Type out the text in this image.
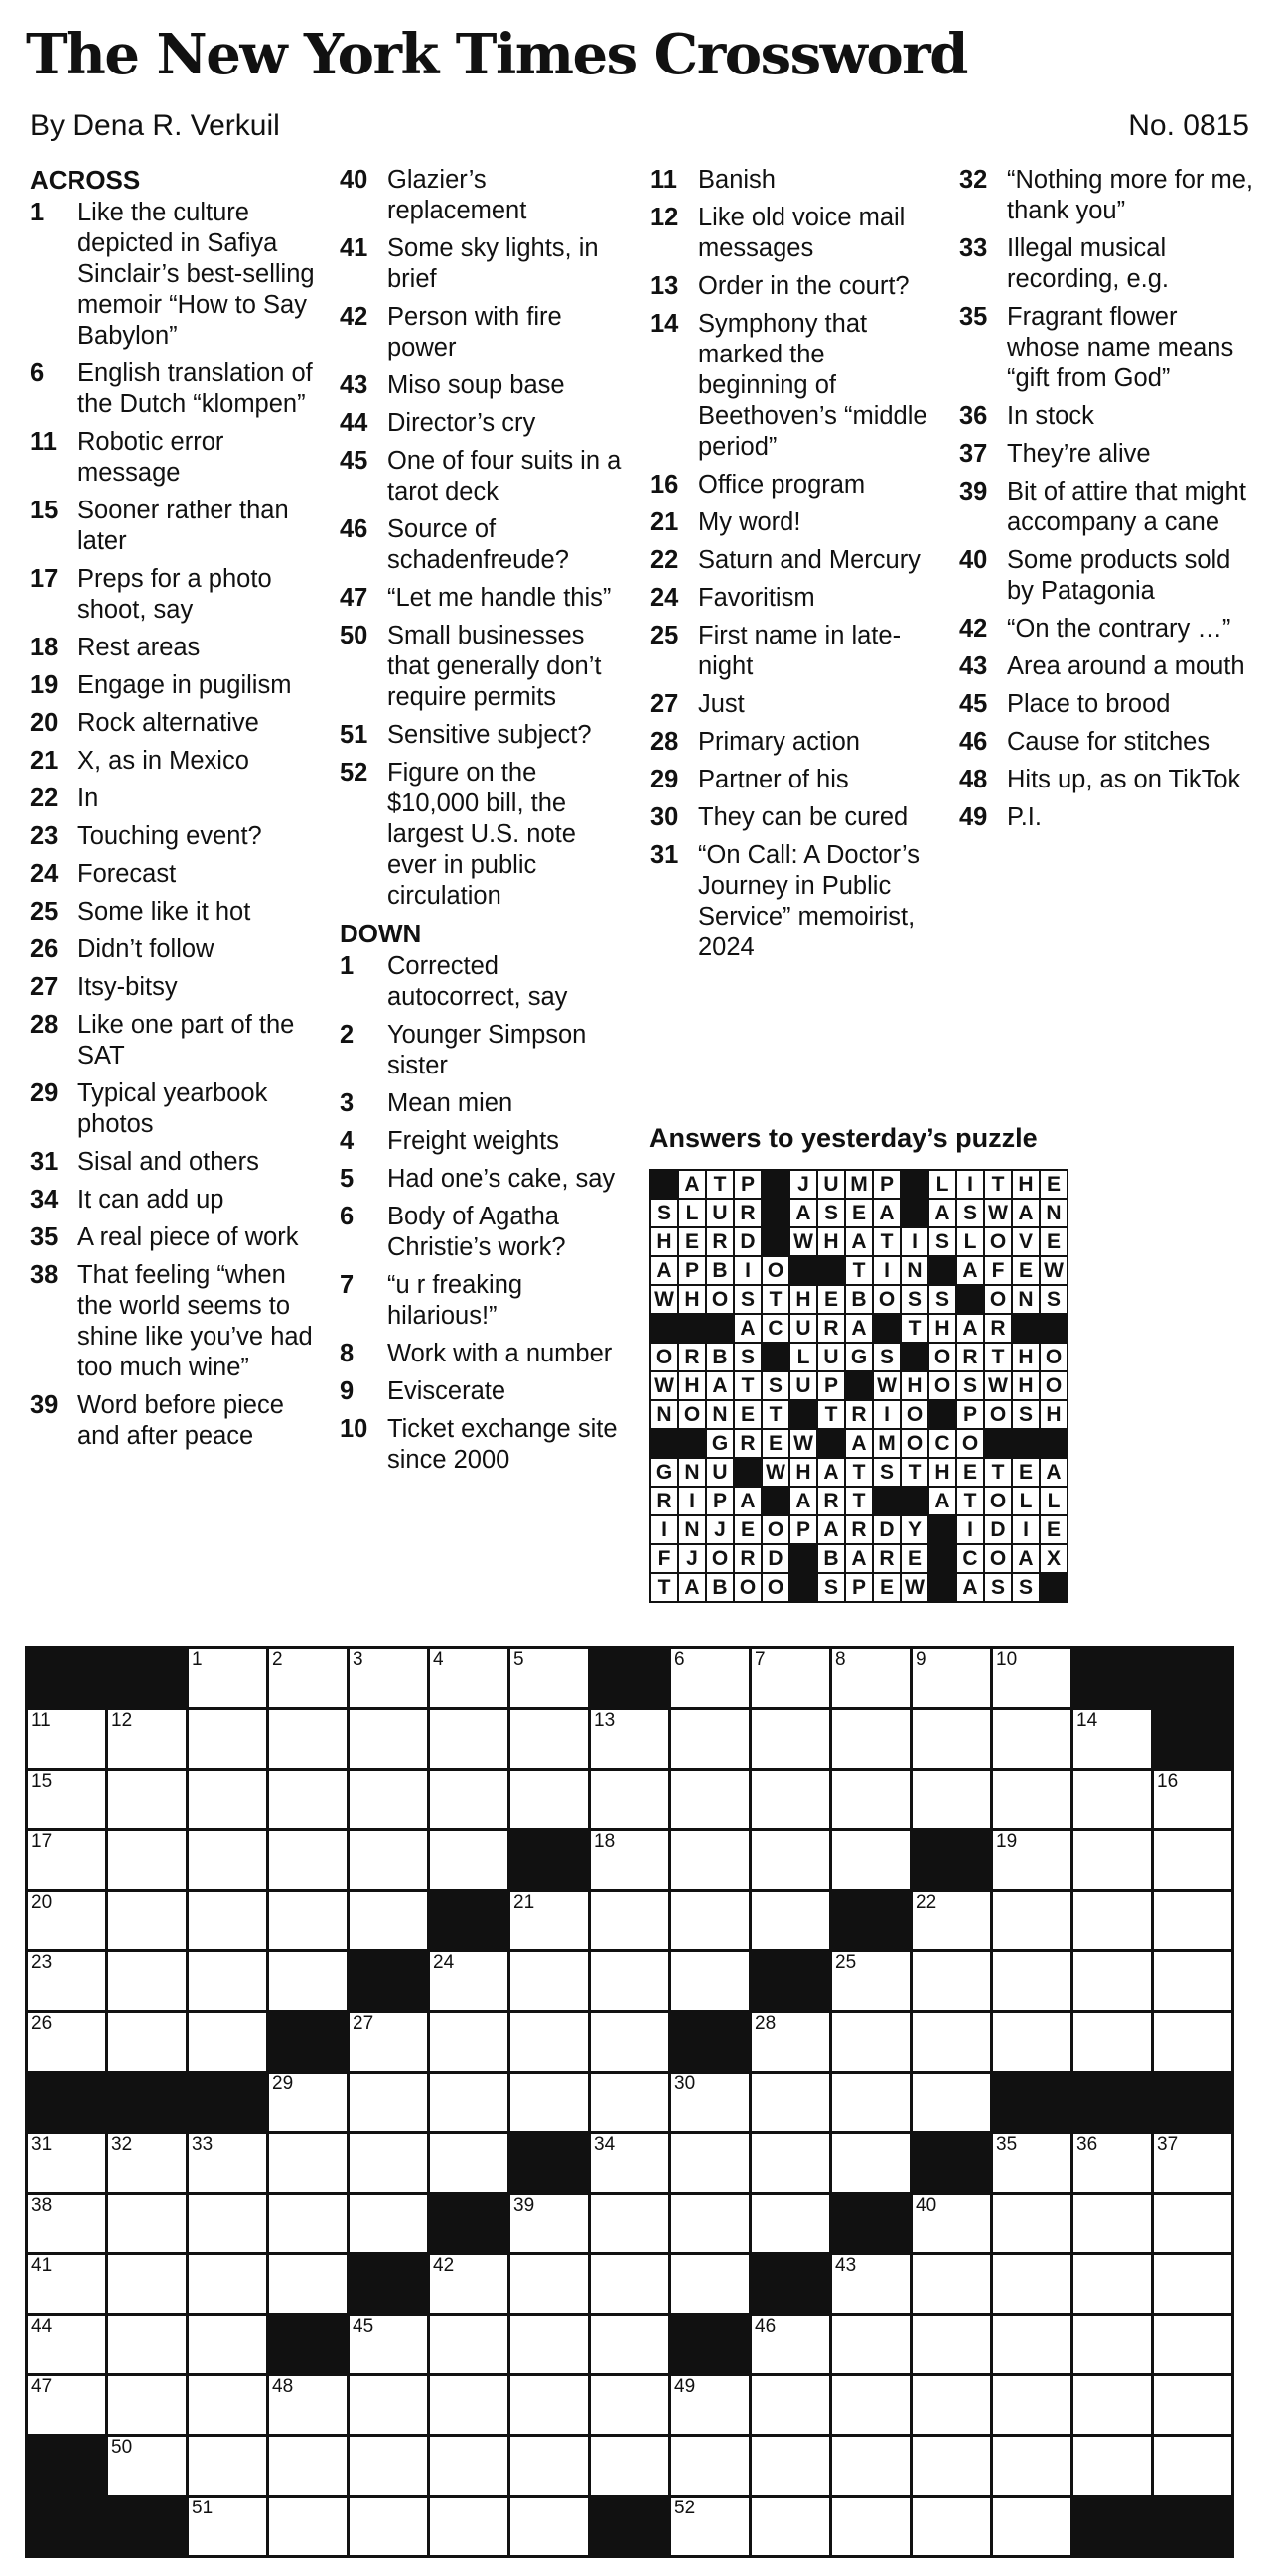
The New York Times Crossword
By Dena R. Verkuil	No. 0815
ACROSS
1	Like the culture depicted in Safiya Sinclair’s best-selling memoir “How to Say Babylon”
6	English translation of the Dutch “klompen”
11 Robotic error message
15 Sooner rather than later
17 Preps for a photo shoot, say
18 Rest areas
19 Engage in pugilism
20 Rock alternative
21 X, as in Mexico
22 In
23 Touching event?
24 Forecast
25 Some like it hot
26 Didn’t follow
27 Itsy-bitsy
28 Like one part of the SAT
29 Typical yearbook photos
31 Sisal and others
34 It can add up
35 A real piece of work
38 That feeling “when the world seems to shine like you’ve had too much wine”
39 Word before piece and after peace
40 Glazier’s replacement
41 Some sky lights, in brief
42 Person with fire power
43 Miso soup base
44 Director’s cry
45 One of four suits in a tarot deck
46 Source of schadenfreude?
47 “Let me handle this”
50 Small businesses that generally don’t require permits
51 Sensitive subject?
52 Figure on the $10,000 bill, the largest U.S. note ever in public circulation
DOWN
1	Corrected autocorrect, say
2	Younger Simpson sister
3	Mean mien
4	Freight weights
5	Had one’s cake, say
6	Body of Agatha Christie’s work?
7	“u r freaking hilarious!”
8	Work with a number
9	Eviscerate
10 Ticket exchange site since 2000
11 Banish
12 Like old voice mail messages
13 Order in the court?
14 Symphony that marked the beginning of Beethoven’s “middle period”
16 Office program
21 My word!
22 Saturn and Mercury
24 Favoritism
25 First name in late-night
27 Just
28 Primary action
29 Partner of his
30 They can be cured
31 “On Call: A Doctor’s Journey in Public Service” memoirist, 2024
32 “Nothing more for me, thank you”
33 Illegal musical recording, e.g.
35 Fragrant flower whose name means “gift from God”
36 In stock
37 They’re alive
39 Bit of attire that might accompany a cane
40 Some products sold by Patagonia
42 “On the contrary …”
43 Area around a mouth
45 Place to brood
46 Cause for stitches
48 Hits up, as on TikTok
49 P.I.
Answers to yesterday’s puzzle
	A	T	P		J	U	M	P		L	I	T	H	E
S	L	U	R		A	S	E	A		A	S	W	A	N
H	E	R	D		W	H	A	T	I	S	L	O	V	E
A	P	B	I	O			T	I	N		A	F	E	W
W	H	O	S	T	H	E	B	O	S	S		O	N	S
			A	C	U	R	A		T	H	A	R		
O	R	B	S		L	U	G	S		O	R	T	H	O
W	H	A	T	S	U	P		W	H	O	S	W	H	O
N	O	N	E	T		T	R	I	O		P	O	S	H
		G	R	E	W		A	M	O	C	O			
G	N	U		W	H	A	T	S	T	H	E	T	E	A
R	I	P	A		A	R	T			A	T	O	L	L
I	N	J	E	O	P	A	R	D	Y		I	D	I	E
F	J	O	R	D		B	A	R	E		C	O	A	X
T	A	B	O	O		S	P	E	W		A	S	S	

		1	2	3	4	5		6	7	8	9	10		

11	12						13						14	

15														16

17							18					19		

20						21					22			

23					24					25				

26				27					28					

			29					30						

31	32	33					34					35	36	37

38						39					40			

41					42					43				

44				45					46					

47			48					49						

	50													

		51						52						
